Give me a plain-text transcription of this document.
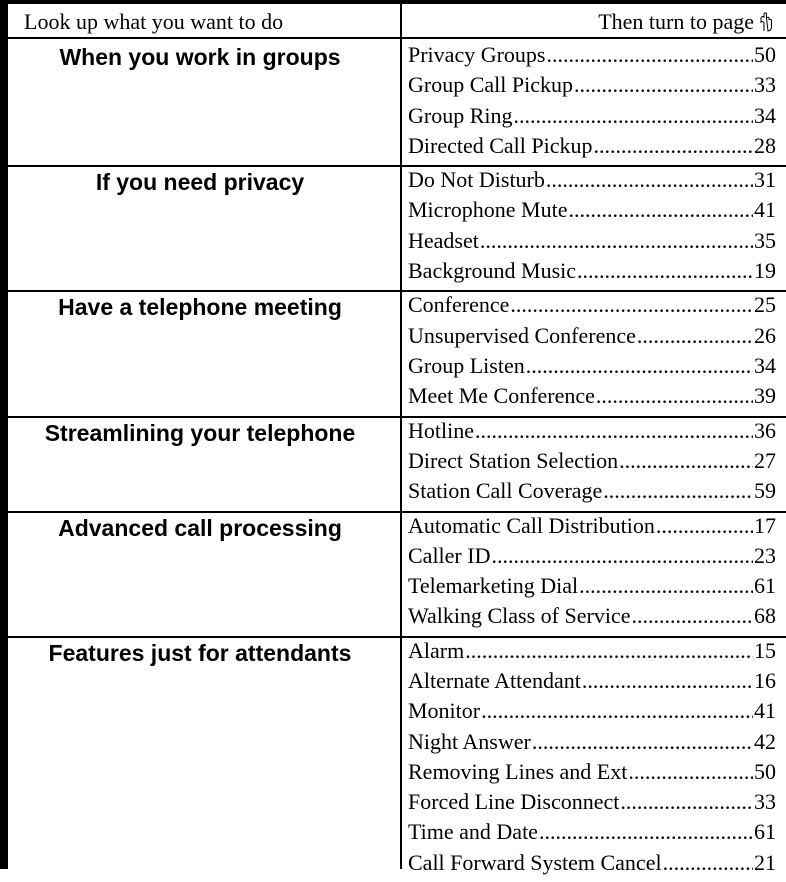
Look up what you want to do	Then turn to page
When you work in groups	Privacy Groups .....	50
Group Call Pickup .....	33
Group Ring .....	34
Directed Call Pickup .....	28
If you need privacy	Do Not Disturb .....	31
Microphone Mute .....	41
Headset .....	35
Background Music .....	19
Have a telephone meeting	Conference .....	25
Unsupervised Conference .....	26
Group Listen .....	34
Meet Me Conference .....	39
Streamlining your telephone	Hotline .....	36
Direct Station Selection .....	27
Station Call Coverage .....	59
Advanced call processing	Automatic Call Distribution .....	17
Caller ID .....	23
Telemarketing Dial .....	61
Walking Class of Service .....	68
Features just for attendants	Alarm .....	15
Alternate Attendant .....	16
Monitor .....	41
Night Answer .....	42
Removing Lines and Ext .....	50
Forced Line Disconnect .....	33
Time and Date .....	61
Call Forward System Cancel .....	21
